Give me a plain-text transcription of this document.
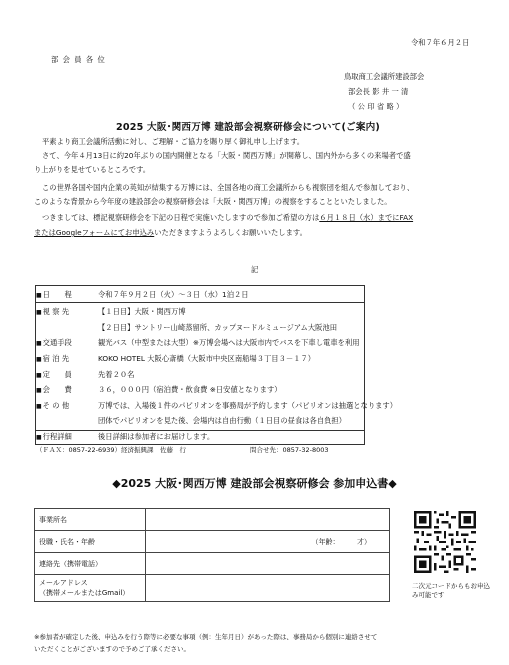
令和７年６月２日
部 会 員 各 位
鳥取商工会議所建設部会
部会長 影 井 一 清
（ 公 印 省 略 ）
2025 大阪･関西万博 建設部会視察研修会について(ご案内)
平素より商工会議所活動に対し、ご理解・ご協力を賜り厚く御礼申し上げます。
さて、今年４月13日に約20年ぶりの国内開催となる「大阪・関西万博」が開幕し、国内外から多くの来場者で盛
り上がりを見せているところです。
この世界各国や国内企業の英知が結集する万博には、全国各地の商工会議所からも視察団を組んで参加しており、
このような背景から今年度の建設部会の視察研修会は「大阪・関西万博」の視察をすることといたしました。
つきましては、標記視察研修会を下記の日程で実施いたしますので参加ご希望の方は６月１８日（水）までにFAX
またはGoogleフォームにてお申込みいただきますようよろしくお願いいたします。
記
■ 日　　程	令和７年９月２日（火）～３日（水）1泊２日
■ 視 察 先	【１日目】大阪・関西万博
【２日目】サントリー山崎蒸留所、カップヌードルミュージアム大阪池田
■ 交通手段	観光バス（中型または大型）※万博会場へは大阪市内でバスを下車し電車を利用
■ 宿 泊 先	KOKO HOTEL 大阪心斎橋（大阪市中央区南船場３丁目３－１７）
■ 定　　員	先着２０名
■ 会　　費	３６，０００円（宿泊費・飲食費 ※日安値となります）
■ そ の 他	万博では、入場後１件のパビリオンを事務局が予約します（パビリオンは抽選となります）
団体でパビリオンを見た後、会場内は自由行動（１日目の昼食は各自負担）
■ 行程詳細	後日詳細は参加者にお届けします。
（ＦＡＸ：0857-22-6939）経済振興課　佐藤　行	問合せ先：0857-32-8003
◆2025 大阪･関西万博 建設部会視察研修会 参加申込書◆
事業所名	
役職・氏名・年齢	（年齢：　　　才）
連絡先（携帯電話）	

メールアドレス
（携帯メールまたはGmail）	

二次元コードからもお申込
み可能です
※参加者が確定した後、申込みを行う際等に必要な事項（例：生年月日）があった際は、事務局から個別に連絡させて
いただくことがございますので予めご了承ください。
